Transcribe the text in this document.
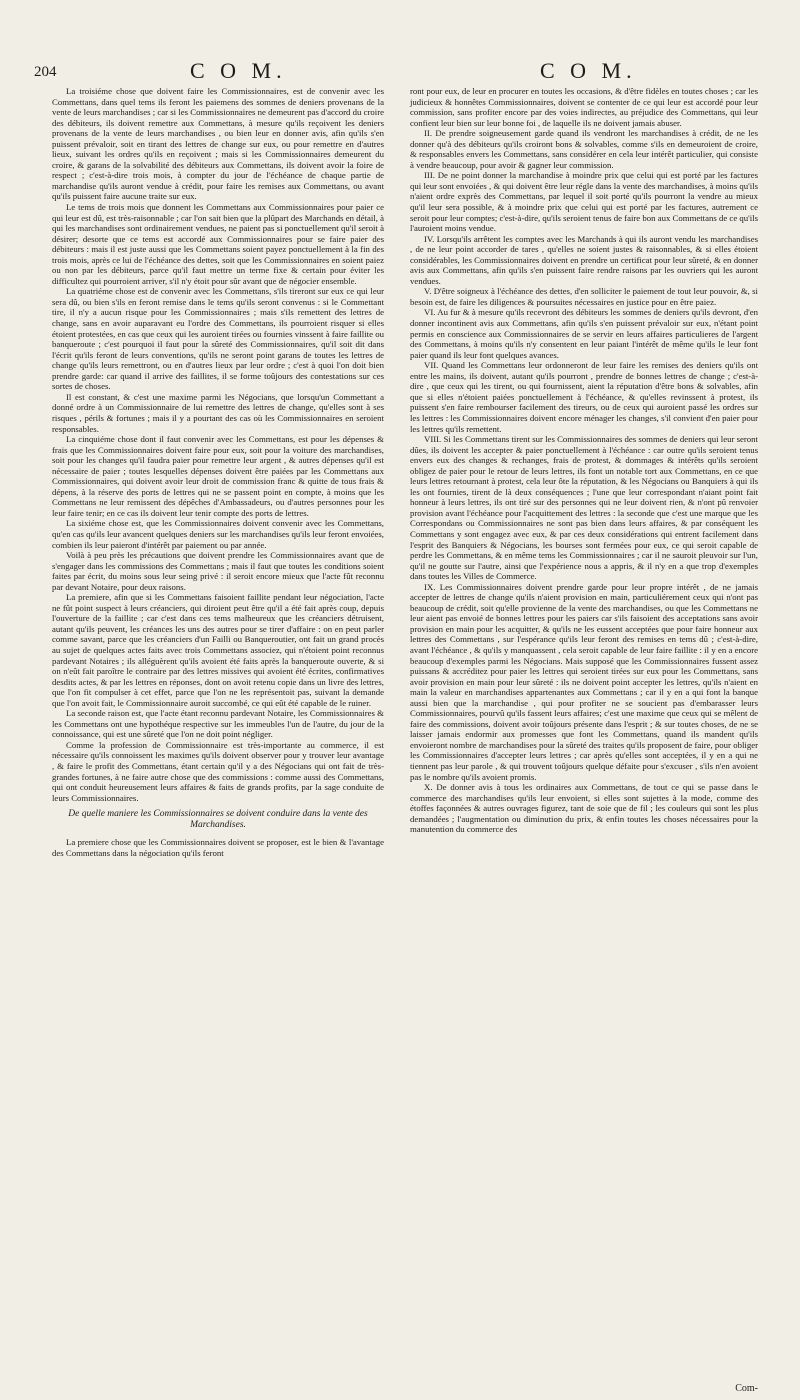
204	C O M.	C O M.

La troisiéme chose que doivent faire les Commissionnaires, est de convenir avec les Commettans, dans quel tems ils feront les paiemens des sommes de deniers provenans de la vente de leurs marchandises ; car si les Commissionnaires ne demeurent pas d'accord du croire des débiteurs, ils doivent remettre aux Commettans, à mesure qu'ils reçoivent les deniers provenans de la vente de leurs marchandises , ou bien leur en donner avis, afin qu'ils s'en puissent prévaloir, soit en tirant des lettres de change sur eux, ou pour remettre en d'autres lieux, suivant les ordres qu'ils en reçoivent ; mais si les Commissionnaires demeurent du croire, & garans de la solvabilité des débiteurs aux Commettans, ils doivent avoir la foire de respect ; c'est-à-dire trois mois, à compter du jour de l'échéance de chaque partie de marchandise qu'ils auront vendue à crédit, pour faire les remises aux Commettans, ou avant qu'ils puissent faire aucune traite sur eux.

Le tems de trois mois que donnent les Commettans aux Commissionnaires pour paier ce qui leur est dû, est très-raisonnable ; car l'on sait bien que la plûpart des Marchands en détail, à qui les marchandises sont ordinairement vendues, ne paient pas si ponctuellement qu'il seroit à désirer; desorte que ce tems est accordé aux Commissionnaires pour se faire paier des débiteurs : mais il est juste aussi que les Commettans soient payez ponctuellement à la fin des trois mois, après ce lui de l'échéance des dettes, soit que les Commissionnaires en soient paiez ou non par les débiteurs, parce qu'il faut mettre un terme fixe & certain pour éviter les difficultez qui pourroient arriver, s'il n'y étoit pour sûr avant que de négocier ensemble.

La quatriéme chose est de convenir avec les Commettans, s'ils tireront sur eux ce qui leur sera dû, ou bien s'ils en feront remise dans le tems qu'ils seront convenus : si le Commettant tire, il n'y a aucun risque pour les Commissionnaires ; mais s'ils remettent des lettres de change, sans en avoir auparavant eu l'ordre des Commettans, ils pourroient risquer si elles étoient protestées, en cas que ceux qui les auroient tirées ou fournies vinssent à faire faillite ou banqueroute ; c'est pourquoi il faut pour la sûreté des Commissionnaires, qu'il soit dit dans l'écrit qu'ils feront de leurs conventions, qu'ils ne seront point garans de toutes les lettres de change qu'ils leurs remettront, ou en d'autres lieux par leur ordre ; c'est à quoi l'on doit bien prendre garde: car quand il arrive des faillites, il se forme toûjours des contestations sur ces sortes de choses.

Il est constant, & c'est une maxime parmi les Négocians, que lorsqu'un Commettant a donné ordre à un Commissionnaire de lui remettre des lettres de change, qu'elles sont à ses risques , périls & fortunes ; mais il y a pourtant des cas où les Commissionnaires en seroient responsables.

La cinquiéme chose dont il faut convenir avec les Commettans, est pour les dépenses & frais que les Commissionnaires doivent faire pour eux, soit pour la voiture des marchandises, soit pour les changes qu'il faudra paier pour remettre leur argent , & autres dépenses qu'il est nécessaire de paier ; toutes lesquelles dépenses doivent être paiées par les Commettans aux Commissionnaires, qui doivent avoir leur droit de commission franc & quitte de tous frais & dépens, à la réserve des ports de lettres qui ne se passent point en compte, à moins que les Commettans ne leur remissent des dépêches d'Ambassadeurs, ou d'autres personnes pour les leur faire tenir; en ce cas ils doivent leur tenir compte des ports de lettres.

La sixiéme chose est, que les Commissionnaires doivent convenir avec les Commettans, qu'en cas qu'ils leur avancent quelques deniers sur les marchandises qu'ils leur feront envoiées, combien ils leur paieront d'intérêt par paiement ou par année.

Voilà à peu près les précautions que doivent prendre les Commissionnaires avant que de s'engager dans les commissions des Commettans ; mais il faut que toutes les conditions soient faites par écrit, du moins sous leur seing privé : il seroit encore mieux que l'acte fût reconnu par devant Notaire, pour deux raisons.

La premiere, afin que si les Commettans faisoient faillite pendant leur négociation, l'acte ne fût point suspect à leurs créanciers, qui diroient peut être qu'il a été fait après coup, depuis l'ouverture de la faillite ; car c'est dans ces tems malheureux que les créanciers détruisent, autant qu'ils peuvent, les créances les uns des autres pour se tirer d'affaire : on en peut parler comme savant, parce que les créanciers d'un Failli ou Banqueroutier, ont fait un grand procès au sujet de quelques actes faits avec trois Commettans associez, qui n'étoient point reconnus pardevant Notaires ; ils alléguèrent qu'ils avoient été faits après la banqueroute ouverte, & si on n'eût fait paroître le contraire par des lettres missives qui avoient été écrites, confirmatives desdits actes, & par les lettres en réponses, dont on avoit retenu copie dans un livre des lettres, que l'on fit compulser à cet effet, parce que l'on ne les représentoit pas, suivant la demande que l'on avoit fait, le Commissionnaire auroit succombé, ce qui eût été capable de le ruiner.

La seconde raison est, que l'acte étant reconnu pardevant Notaire, les Commissionnaires & les Commettans ont une hypothéque respective sur les immeubles l'un de l'autre, du jour de la connoissance, qui est une sûreté que l'on ne doit point négliger.

Comme la profession de Commissionnaire est très-importante au commerce, il est nécessaire qu'ils connoissent les maximes qu'ils doivent observer pour y trouver leur avantage , & faire le profit des Commettans, étant certain qu'il y a des Négocians qui ont fait de très-grandes fortunes, à ne faire autre chose que des commissions : comme aussi des Commettans, qui ont conduit heureusement leurs affaires & faits de grands profits, par la sage conduite de leurs Commissionnaires.

De quelle maniere les Commissionnaires se doivent conduire dans la vente des Marchandises.

La premiere chose que les Commissionnaires doivent se proposer, est le bien & l'avantage des Commettans dans la négociation qu'ils feront

ront pour eux, de leur en procurer en toutes les occasions, & d'être fidèles en toutes choses ; car les judicieux & honnêtes Commissionnaires, doivent se contenter de ce qui leur est accordé pour leur commission, sans profiter encore par des voies indirectes, au préjudice des Commettans, qui leur confient leur bien sur leur bonne foi , de laquelle ils ne doivent jamais abuser.

II. De prendre soigneusement garde quand ils vendront les marchandises à crédit, de ne les donner qu'à des débiteurs qu'ils croiront bons & solvables, comme s'ils en demeuroient de croire, & responsables envers les Commettans, sans considérer en cela leur intérêt particulier, qui consiste à vendre beaucoup, pour avoir & gagner leur commission.

III. De ne point donner la marchandise à moindre prix que celui qui est porté par les factures qui leur sont envoiées , & qui doivent être leur régle dans la vente des marchandises, à moins qu'ils n'aient ordre exprès des Commettans, par lequel il soit porté qu'ils pourront la vendre au mieux qu'il leur sera possible, & à moindre prix que celui qui est porté par les factures, autrement ce seroit pour leur comptes; c'est-à-dire, qu'ils seroient tenus de faire bon aux Commettans de ce qu'ils l'auroient moins vendue.

IV. Lorsqu'ils arrêtent les comptes avec les Marchands à qui ils auront vendu les marchandises , de ne leur point accorder de tares , qu'elles ne soient justes & raisonnables, & si elles étoient considérables, les Commissionnaires doivent en prendre un certificat pour leur sûreté, & en donner avis aux Commettans, afin qu'ils s'en puissent faire rendre raisons par les ouvriers qui les auront vendues.

V. D'être soigneux à l'échéance des dettes, d'en solliciter le paiement de tout leur pouvoir, &, si besoin est, de faire les diligences & poursuites nécessaires en justice pour en être paiez.

VI. Au fur & à mesure qu'ils recevront des débiteurs les sommes de deniers qu'ils devront, d'en donner incontinent avis aux Commettans, afin qu'ils s'en puissent prévaloir sur eux, n'étant point permis en conscience aux Commissionnaires de se servir en leurs affaires particulieres de l'argent des Commettans, à moins qu'ils n'y consentent en leur paiant l'intérêt de même qu'ils le leur font paier quand ils leur font quelques avances.

VII. Quand les Commettans leur ordonneront de leur faire les remises des deniers qu'ils ont entre les mains, ils doivent, autant qu'ils pourront , prendre de bonnes lettres de change ; c'est-à-dire , que ceux qui les tirent, ou qui fournissent, aient la réputation d'être bons & solvables, afin que si elles n'étoient paiées ponctuellement à l'échéance, & qu'elles revinssent à protest, ils puissent s'en faire rembourser facilement des tireurs, ou de ceux qui auroient passé les ordres sur les lettres : les Commissionnaires doivent encore ménager les changes, s'il convient d'en paier pour les lettres qu'ils remettent.

VIII. Si les Commettans tirent sur les Commissionnaires des sommes de deniers qui leur seront dûes, ils doivent les accepter & paier ponctuellement à l'échéance : car outre qu'ils seroient tenus envers eux des changes & rechanges, frais de protest, & dommages & intérêts qu'ils seroient obligez de paier pour le retour de leurs lettres, ils font un notable tort aux Commettans, en ce que leurs lettres retournant à protest, cela leur ôte la réputation, & les Négocians ou Banquiers à qui ils les ont fournies, tirent de là deux conséquences ; l'une que leur correspondant n'aiant point fait honneur à leurs lettres, ils ont tiré sur des personnes qui ne leur doivent rien, & n'ont pû renvoier provision avant l'échéance pour l'acquittement des lettres : la seconde que c'est une marque que les Correspondans ou Commissionnaires ne sont pas bien dans leurs affaires, & par conséquent les Commettans y sont engagez avec eux, & par ces deux considérations qui entrent facilement dans l'esprit des Banquiers & Négocians, les bourses sont fermées pour eux, ce qui seroit capable de perdre les Commettans, & en même tems les Commissionnaires ; car il ne sauroit pleuvoir sur l'un, qu'il ne goutte sur l'autre, ainsi que l'expérience nous a appris, & il n'y en a que trop d'exemples dans toutes les Villes de Commerce.

IX. Les Commissionnaires doivent prendre garde pour leur propre intérêt , de ne jamais accepter de lettres de change qu'ils n'aient provision en main, particuliérement ceux qui n'ont pas beaucoup de crédit, soit qu'elle provienne de la vente des marchandises, ou que les Commettans ne leur aient pas envoié de bonnes lettres pour les paiers car s'ils faisoient des acceptations sans avoir provision en main pour les acquitter, & qu'ils ne les eussent acceptées que pour faire honneur aux lettres des Commettans , sur l'espérance qu'ils leur feront des remises en tems dû ; c'est-à-dire, avant l'échéance , & qu'ils y manquassent , cela seroit capable de leur faire faillite : il y en a encore beaucoup d'exemples parmi les Négocians. Mais supposé que les Commissionnaires fussent assez puissans & accréditez pour paier les lettres qui seroient tirées sur eux pour les Commettans, sans avoir provision en main pour leur sûreté : ils ne doivent point accepter les lettres, qu'ils n'aient en main la valeur en marchandises appartenantes aux Commettans ; car il y en a qui font la banque aussi bien que la marchandise , qui pour profiter ne se soucient pas d'embarasser leurs Commissionnaires, pourvû qu'ils fassent leurs affaires; c'est une maxime que ceux qui se mêlent de faire des commissions, doivent avoir toûjours présente dans l'esprit ; & sur toutes choses, de ne se laisser jamais endormir aux promesses que font les Commettans, quand ils mandent qu'ils envoieront nombre de marchandises pour la sûreté des traites qu'ils proposent de faire, pour obliger les Commissionnaires d'accepter leurs lettres ; car après qu'elles sont acceptées, il y en a qui ne tiennent pas leur parole , & qui trouvent toûjours quelque défaite pour s'excuser , s'ils n'en avoient pas le nombre qu'ils avoient promis.

X. De donner avis à tous les ordinaires aux Commettans, de tout ce qui se passe dans le commerce des marchandises qu'ils leur envoient, si elles sont sujettes à la mode, comme des étoffes façonnées & autres ouvrages figurez, tant de soie que de fil ; les couleurs qui sont les plus demandées ; l'augmentation ou diminution du prix, & enfin toutes les choses nécessaires pour la manutention du commerce des

Com-
